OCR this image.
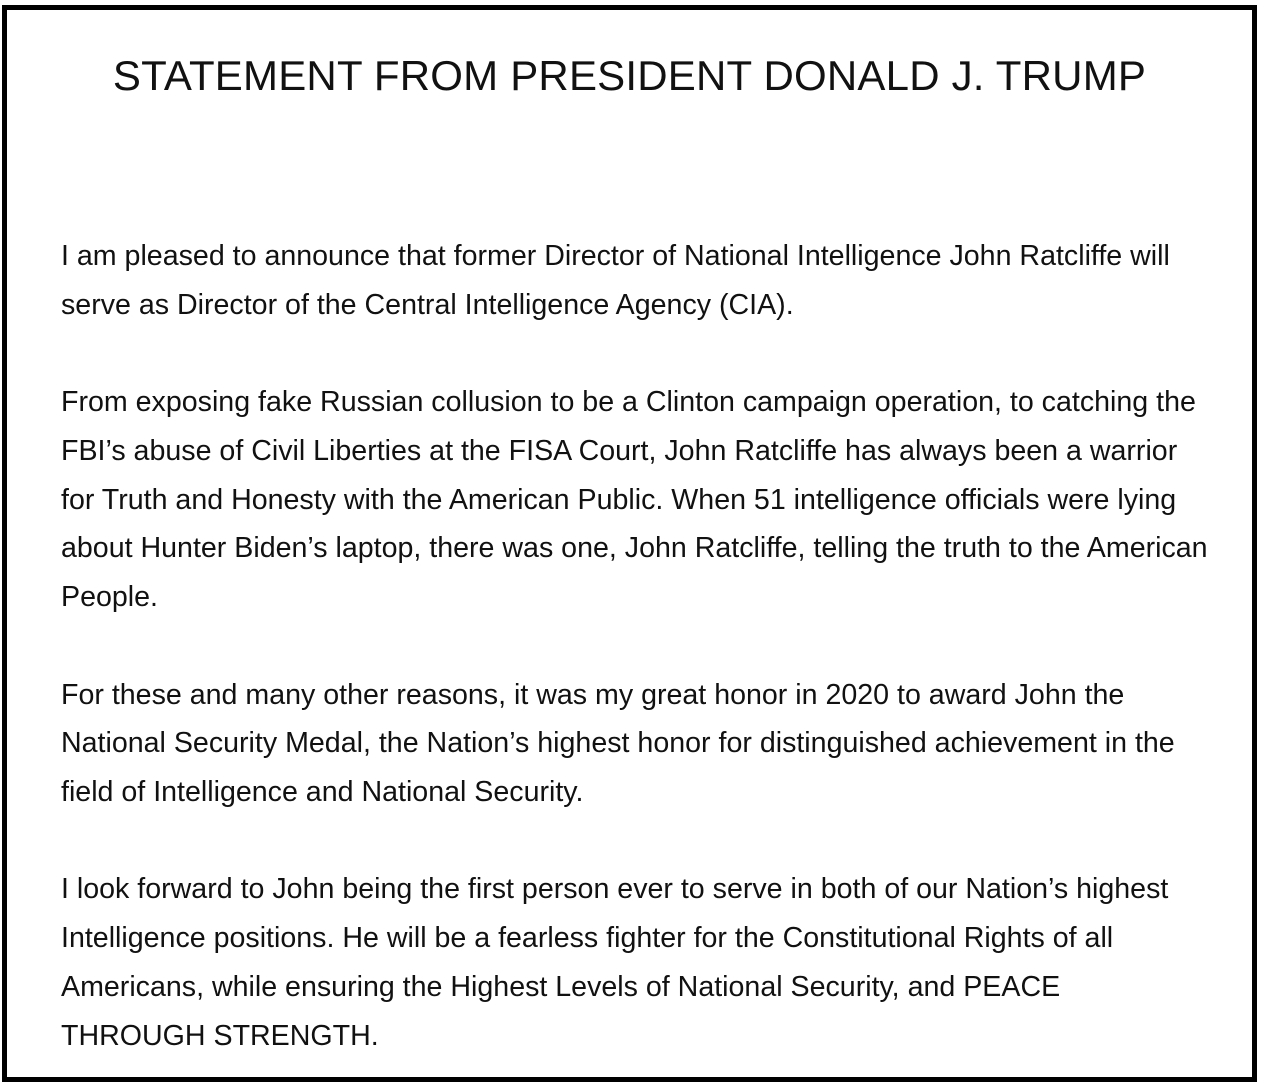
STATEMENT FROM PRESIDENT DONALD J. TRUMP

I am pleased to announce that former Director of National Intelligence John Ratcliffe will serve as Director of the Central Intelligence Agency (CIA).

From exposing fake Russian collusion to be a Clinton campaign operation, to catching the FBI’s abuse of Civil Liberties at the FISA Court, John Ratcliffe has always been a warrior for Truth and Honesty with the American Public. When 51 intelligence officials were lying about Hunter Biden’s laptop, there was one, John Ratcliffe, telling the truth to the American People.

For these and many other reasons, it was my great honor in 2020 to award John the National Security Medal, the Nation’s highest honor for distinguished achievement in the field of Intelligence and National Security.

I look forward to John being the first person ever to serve in both of our Nation’s highest Intelligence positions. He will be a fearless fighter for the Constitutional Rights of all Americans, while ensuring the Highest Levels of National Security, and PEACE THROUGH STRENGTH.
